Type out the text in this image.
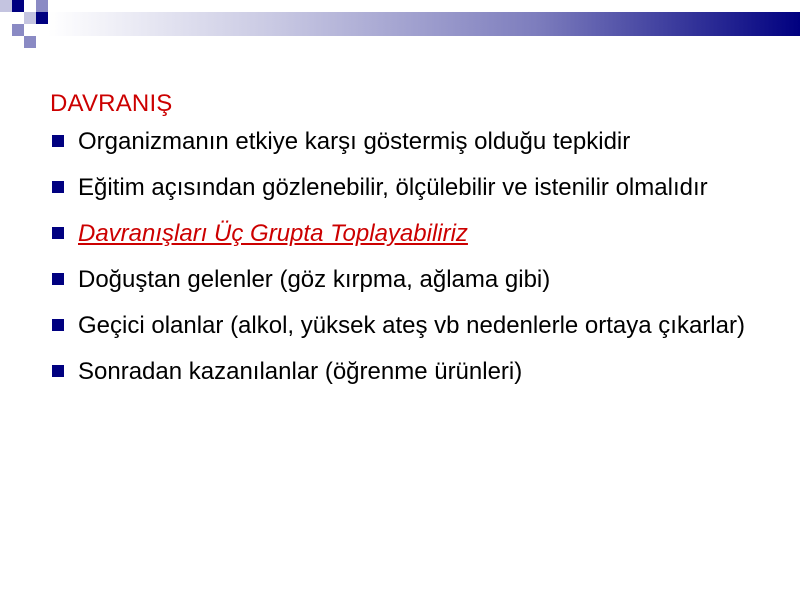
DAVRANIŞ
Organizmanın etkiye karşı göstermiş olduğu tepkidir
Eğitim açısından gözlenebilir, ölçülebilir ve istenilir olmalıdır
Davranışları Üç Grupta Toplayabiliriz
Doğuştan gelenler (göz kırpma, ağlama gibi)
Geçici olanlar (alkol, yüksek ateş vb nedenlerle ortaya çıkarlar)
Sonradan kazanılanlar (öğrenme ürünleri)
